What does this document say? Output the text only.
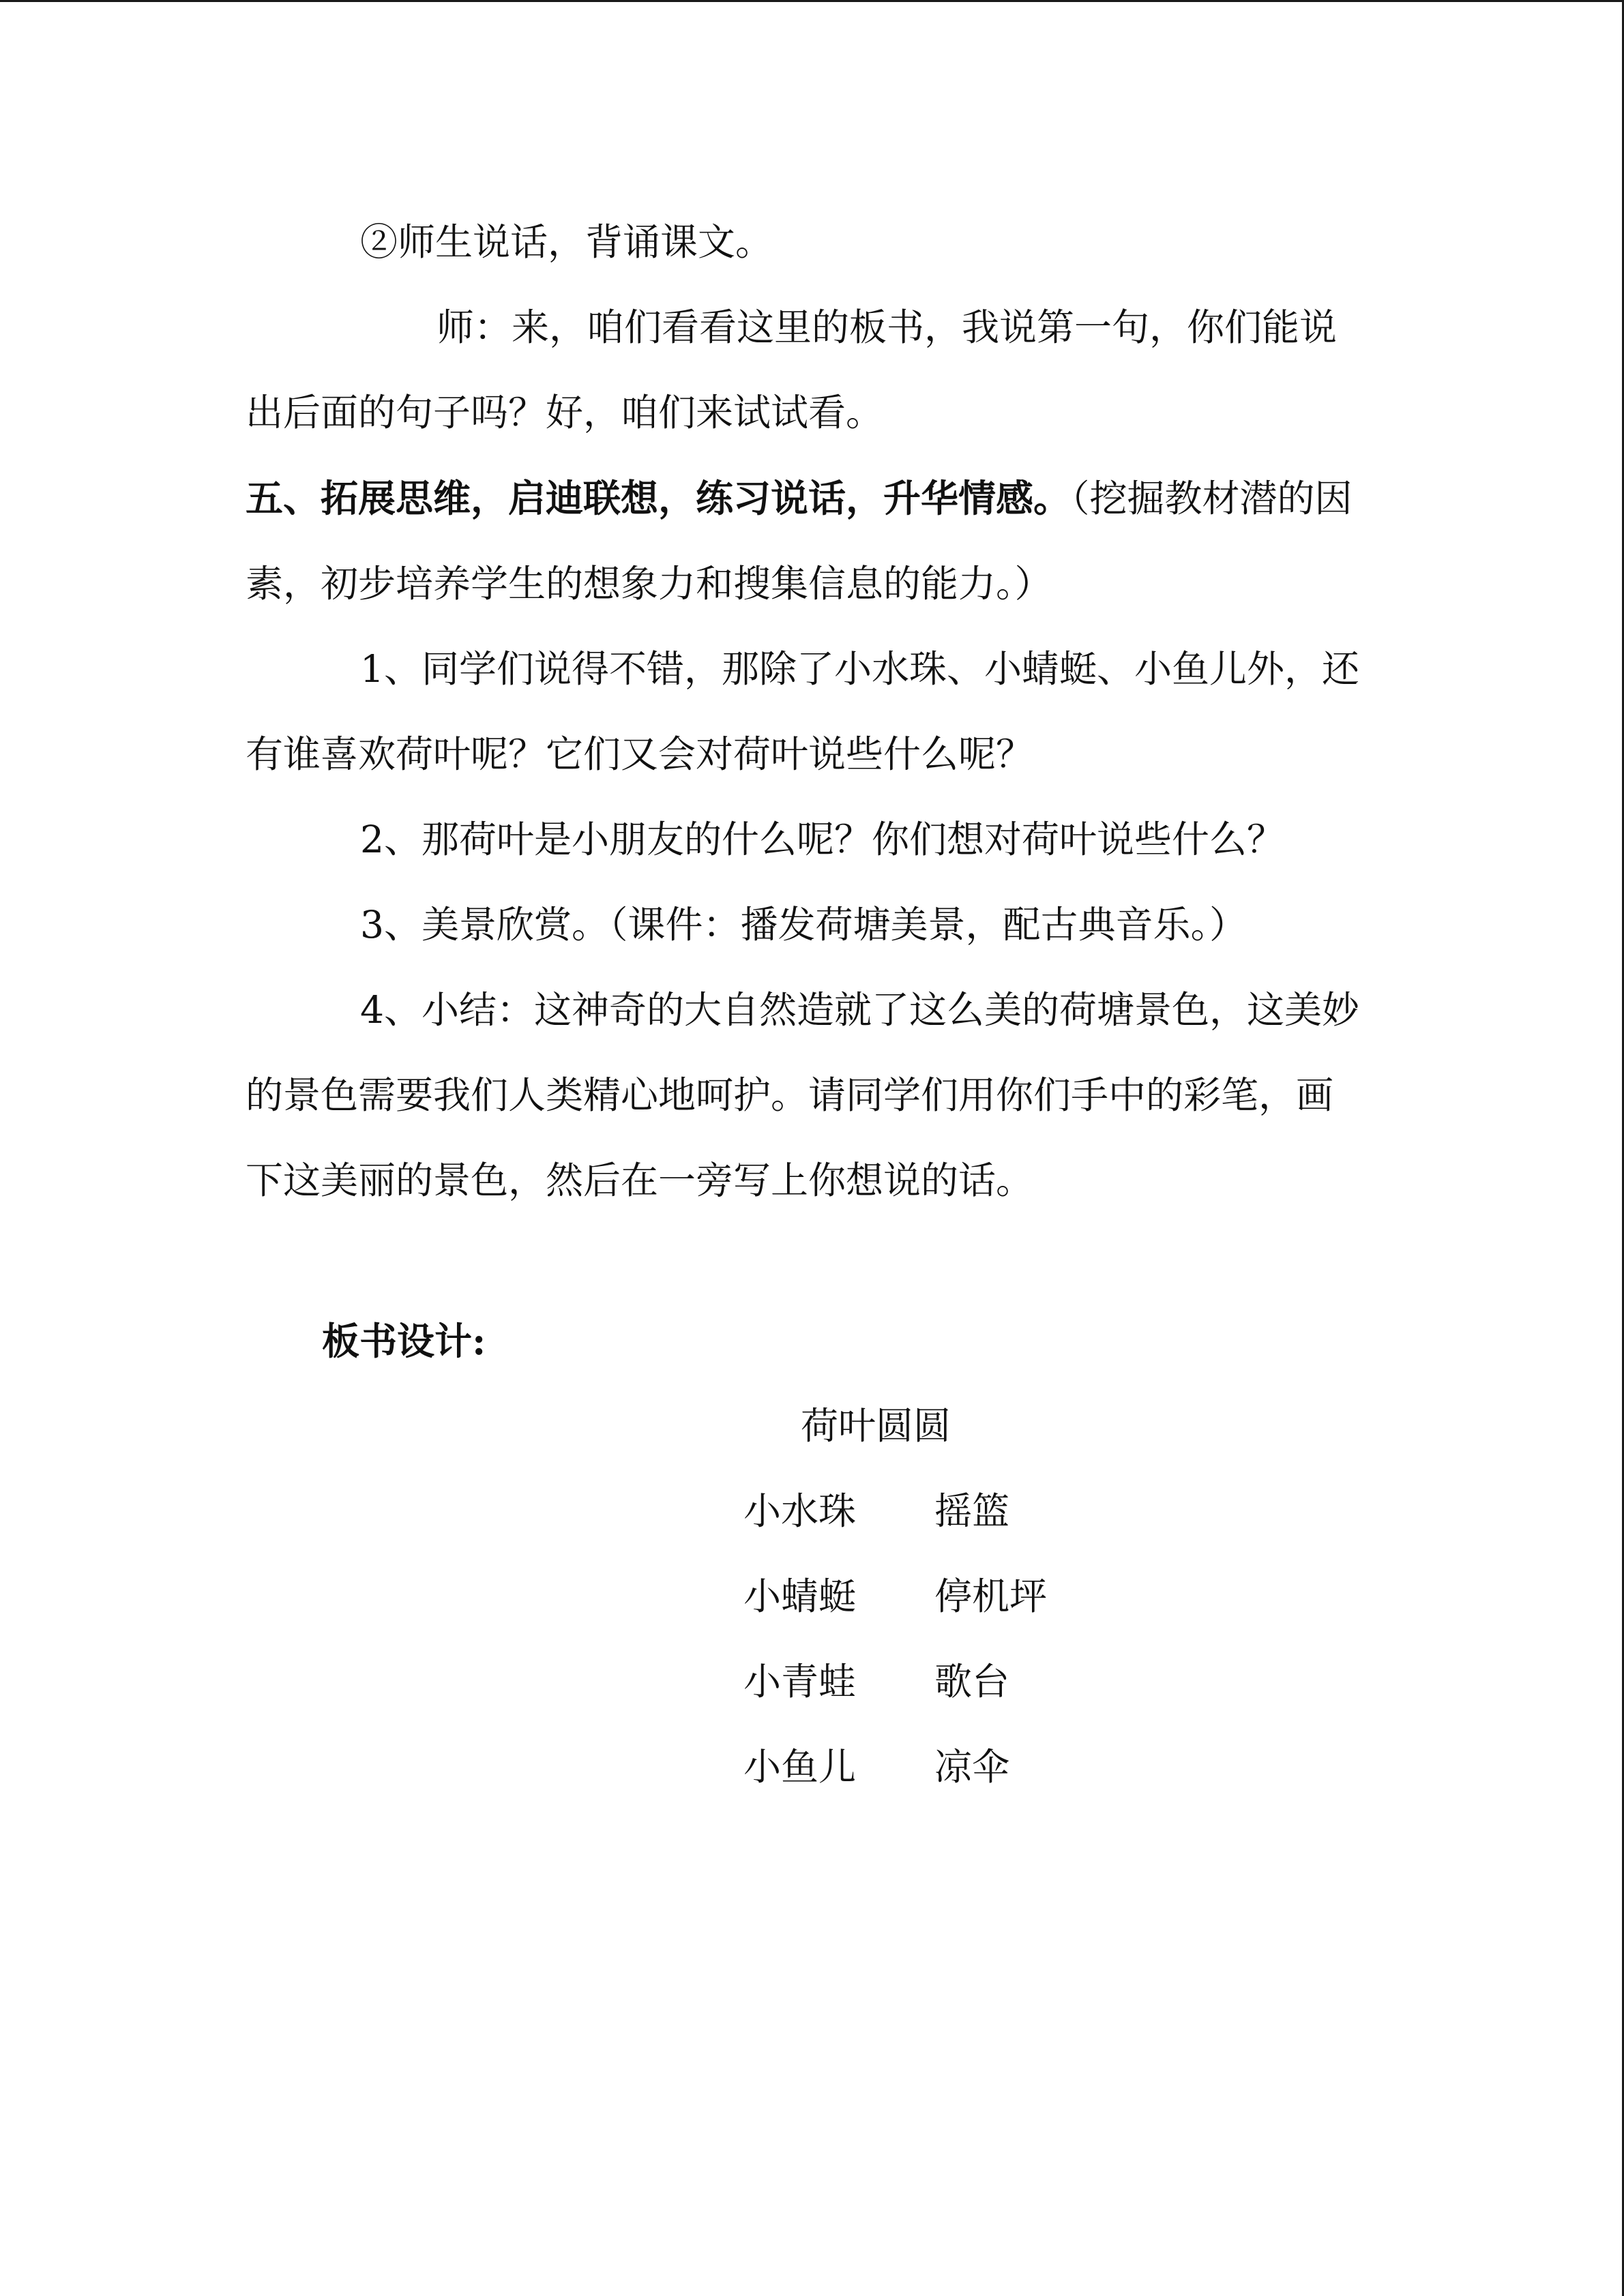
②师生说话，背诵课文。

师：来，咱们看看这里的板书，我说第一句，你们能说

出后面的句子吗？好，咱们来试试看。

五、拓展思维，启迪联想，练习说话，升华情感。（挖掘教材潜的因

素，初步培养学生的想象力和搜集信息的能力。）

1、同学们说得不错，那除了小水珠、小蜻蜓、小鱼儿外，还

有谁喜欢荷叶呢？它们又会对荷叶说些什么呢？

2、那荷叶是小朋友的什么呢？你们想对荷叶说些什么？

3、美景欣赏。（课件：播发荷塘美景，配古典音乐。）

4、小结：这神奇的大自然造就了这么美的荷塘景色，这美妙

的景色需要我们人类精心地呵护。请同学们用你们手中的彩笔，画

下这美丽的景色，然后在一旁写上你想说的话。

板书设计:

荷叶圆圆
小水珠 摇篮
小蜻蜓 停机坪
小青蛙 歌台
小鱼儿 凉伞
